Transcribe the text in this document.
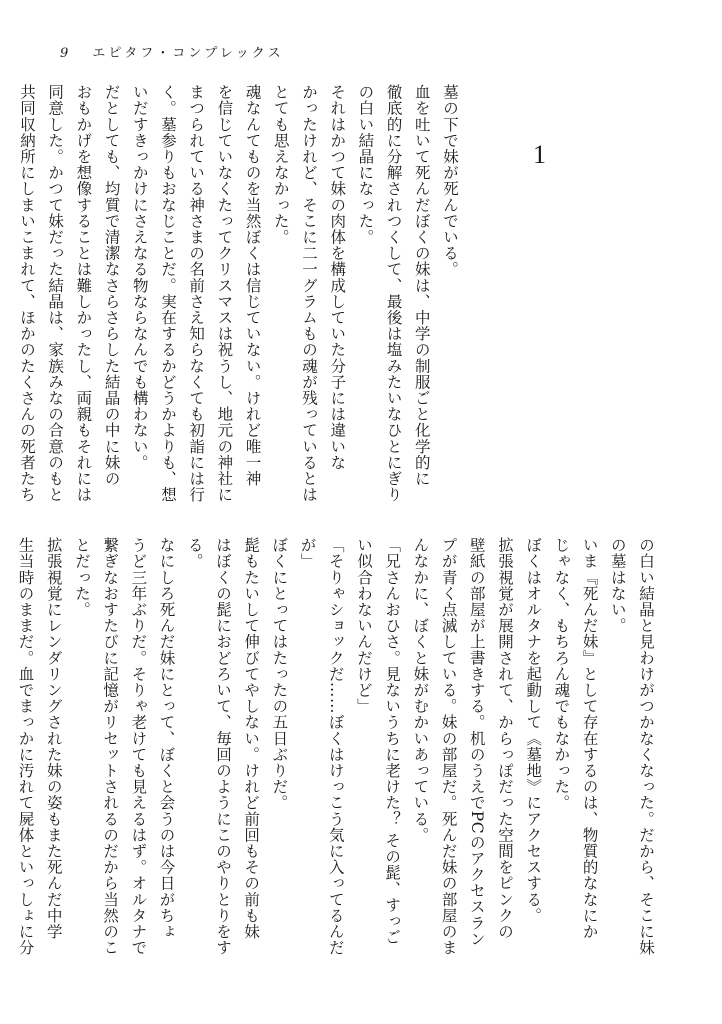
9 エピタフ・コンプレックス
1
墓の下で妹が死んでいる。
血を吐いて死んだぼくの妹は、中学の制服ごと化学的に
徹底的に分解されつくして、最後は塩みたいなひとにぎり
の白い結晶になった。
それはかつて妹の肉体を構成していた分子には違いな
かったけれど、そこに二一グラムもの魂が残っているとは
とても思えなかった。
魂なんてものを当然ぼくは信じていない。けれど唯一神
を信じていなくたってクリスマスは祝うし、地元の神社に
まつられている神さまの名前さえ知らなくても初詣には行
く。墓参りもおなじことだ。実在するかどうかよりも、想
いだすきっかけにさえなる物ならなんでも構わない。
だとしても、均質で清潔なさらさらした結晶の中に妹の
おもかげを想像することは難しかったし、両親もそれには
同意した。かつて妹だった結晶は、家族みなの合意のもと
共同収納所にしまいこまれて、ほかのたくさんの死者たち
の白い結晶と見わけがつかなくなった。だから、そこに妹
の墓はない。
いま『死んだ妹』として存在するのは、物質的ななにか
じゃなく、もちろん魂でもなかった。
ぼくはオルタナを起動して《墓地》にアクセスする。
拡張視覚が展開されて、からっぽだった空間をピンクの
壁紙の部屋が上書きする。机のうえでPCのアクセスラン
プが青く点滅している。妹の部屋だ。死んだ妹の部屋のま
んなかに、ぼくと妹がむかいあっている。
「兄さんおひさ。見ないうちに老けた？ その髭、すっご
い似合わないんだけど」
「そりゃショックだ……ぼくはけっこう気に入ってるんだ
が」
ぼくにとってはたったの五日ぶりだ。
髭もたいして伸びてやしない。けれど前回もその前も妹
はぼくの髭におどろいて、毎回のようにこのやりとりをす
る。
なにしろ死んだ妹にとって、ぼくと会うのは今日がちょ
うど三年ぶりだ。そりゃ老けても見えるはず。オルタナで
繋ぎなおすたびに記憶がリセットされるのだから当然のこ
とだった。
拡張視覚にレンダリングされた妹の姿もまた死んだ中学
生当時のままだ。血でまっかに汚れて屍体といっしょに分
